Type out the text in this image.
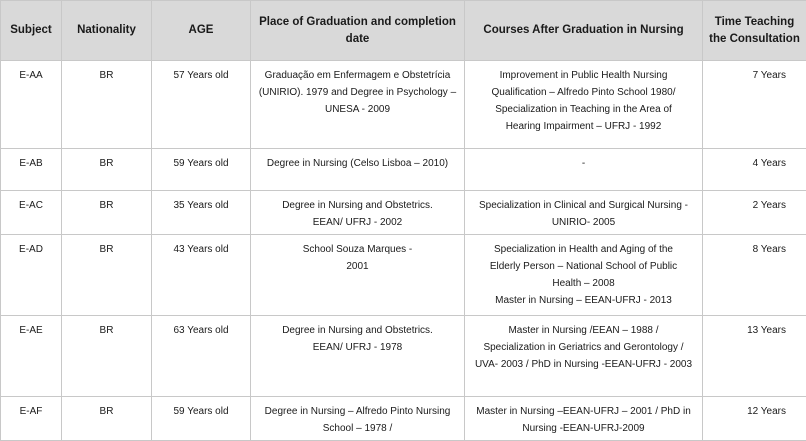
Subject	Nationality	AGE	Place of Graduation and completion date	Courses After Graduation in Nursing	Time Teaching the Consultation
E-AA	BR	57 Years old	Graduação em Enfermagem e Obstetrícia
(UNIRIO). 1979 and Degree in Psychology –
UNESA - 2009	Improvement in Public Health Nursing
Qualification – Alfredo Pinto School 1980/
Specialization in Teaching in the Area of
Hearing Impairment – UFRJ - 1992	7 Years
E-AB	BR	59 Years old	Degree in Nursing (Celso Lisboa – 2010)	-	4 Years
E-AC	BR	35 Years old	Degree in Nursing and Obstetrics.
EEAN/ UFRJ - 2002	Specialization in Clinical and Surgical Nursing -
UNIRIO- 2005	2 Years
E-AD	BR	43 Years old	School Souza Marques -
2001	Specialization in Health and Aging of the
Elderly Person – National School of Public
Health – 2008
Master in Nursing – EEAN-UFRJ - 2013	8 Years
E-AE	BR	63 Years old	Degree in Nursing and Obstetrics.
EEAN/ UFRJ - 1978	Master in Nursing /EEAN – 1988 /
Specialization in Geriatrics and Gerontology /
UVA- 2003 / PhD in Nursing -EEAN-UFRJ - 2003	13 Years
E-AF	BR	59 Years old	Degree in Nursing – Alfredo Pinto Nursing
School – 1978 /	Master in Nursing –EEAN-UFRJ – 2001 / PhD in
Nursing -EEAN-UFRJ-2009	12 Years
